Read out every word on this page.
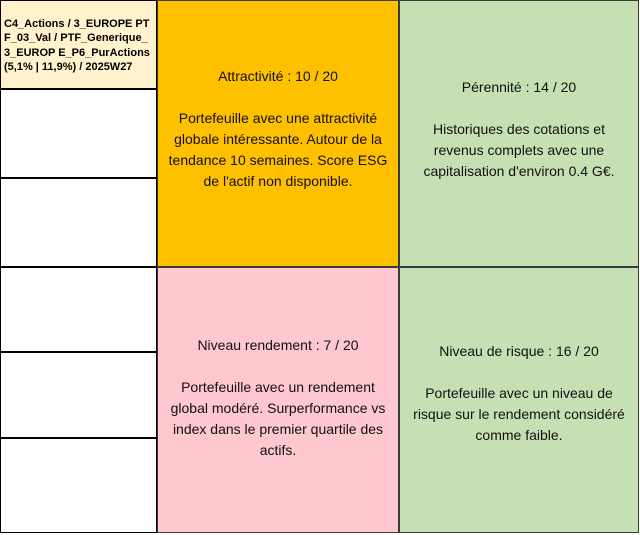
C4_Actions / 3_EUROPE PTF_03_Val / PTF_Generique_3_EUROP E_P6_PurActions (5,1% | 11,9%) / 2025W27

Attractivité : 10 / 20

Portefeuille avec une attractivité globale intéressante. Autour de la tendance 10 semaines. Score ESG de l'actif non disponible.

Pérennité : 14 / 20

Historiques des cotations et revenus complets avec une capitalisation d'environ 0.4 G€.

Niveau rendement : 7 / 20

Portefeuille avec un rendement global modéré. Surperformance vs index dans le premier quartile des actifs.

Niveau de risque : 16 / 20

Portefeuille avec un niveau de risque sur le rendement considéré comme faible.
